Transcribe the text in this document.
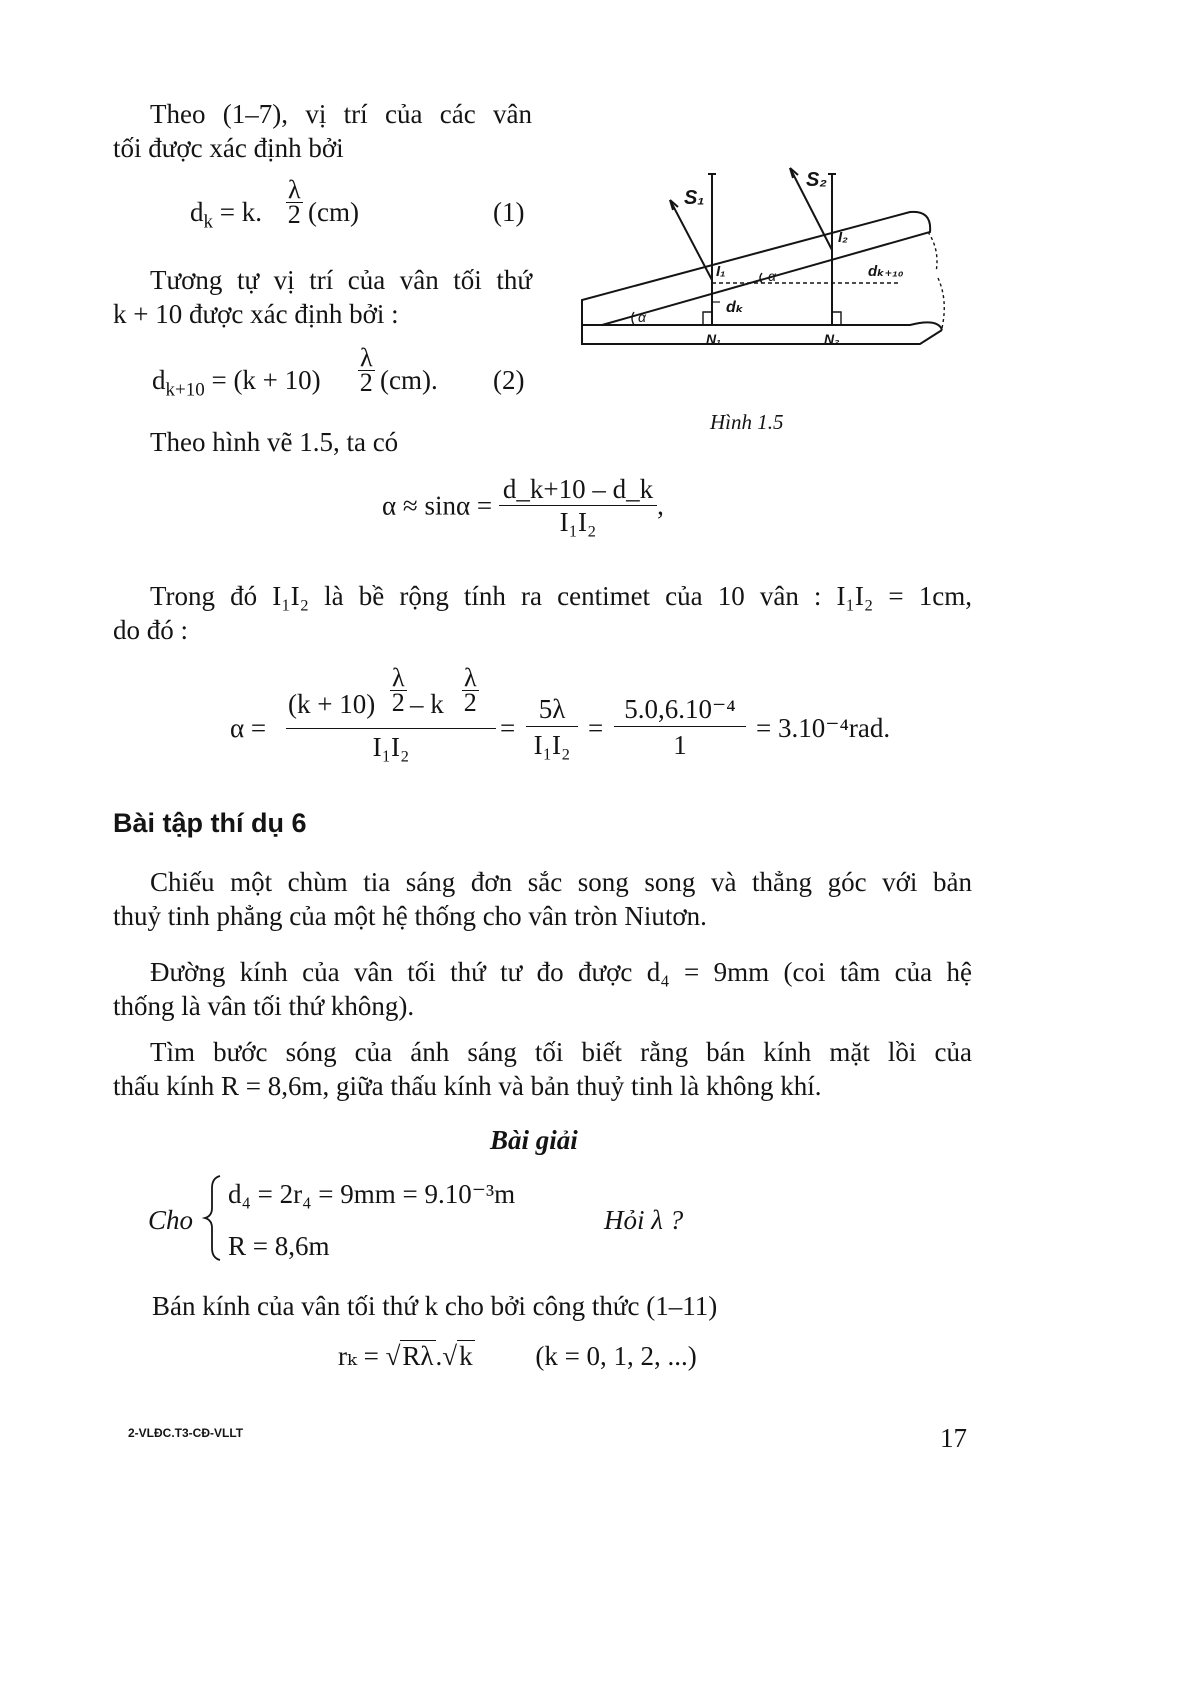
Theo (1–7), vị trí của các vân
tối được xác định bởi
$d_k = k$. $\frac{\lambda}{2} (cm)$	(1)
Tương tự vị trí của vân tối thứ
k + 10 được xác định bởi :
$d_{k+10} = (k + 10) \frac{\lambda}{2} (cm)$. (2)
Theo hình vẽ 1.5, ta có
S₁
S₂
I₁
I₂
α
α
dₖ
dₖ₊₁₀
N₁	N₂
Hình 1.5
$\alpha \approx \sin\alpha = \frac{d\_k+10 - d\_k}{\text{I₁I₂}}$ ,
Trong đó I₁I₂ là bề rộng tính ra centimet của 10 vân : I₁I₂ = 1cm,
do đó :
α =
$(k + 10) \frac{\lambda}{2} - k \frac{\lambda}{2}$
I₁I₂
= $\frac{5\lambda}{\text{I₁I₂}} = \frac{\text{5.0,6.10⁻⁴}}{1} = 3.10^{-4}rad$.
Bài tập thí dụ 6
Chiếu một chùm tia sáng đơn sắc song song và thẳng góc với bản
thuỷ tinh phẳng của một hệ thống cho vân tròn Niutơn.
Đường kính của vân tối thứ tư đo được d₄ = 9mm (coi tâm của hệ
thống là vân tối thứ không).
Tìm bước sóng của ánh sáng tối biết rằng bán kính mặt lồi của
thấu kính R = 8,6m, giữa thấu kính và bản thuỷ tinh là không khí.
Bài giải
Cho
d₄ = 2r₄ = 9mm = 9.10⁻³m
R = 8,6m
Hỏi λ ?
Bán kính của vân tối thứ k cho bởi công thức (1–11)
rₖ = √Rλ.√k (k = 0, 1, 2, ...)
2-VLĐC.T3-CĐ-VLLT	17
